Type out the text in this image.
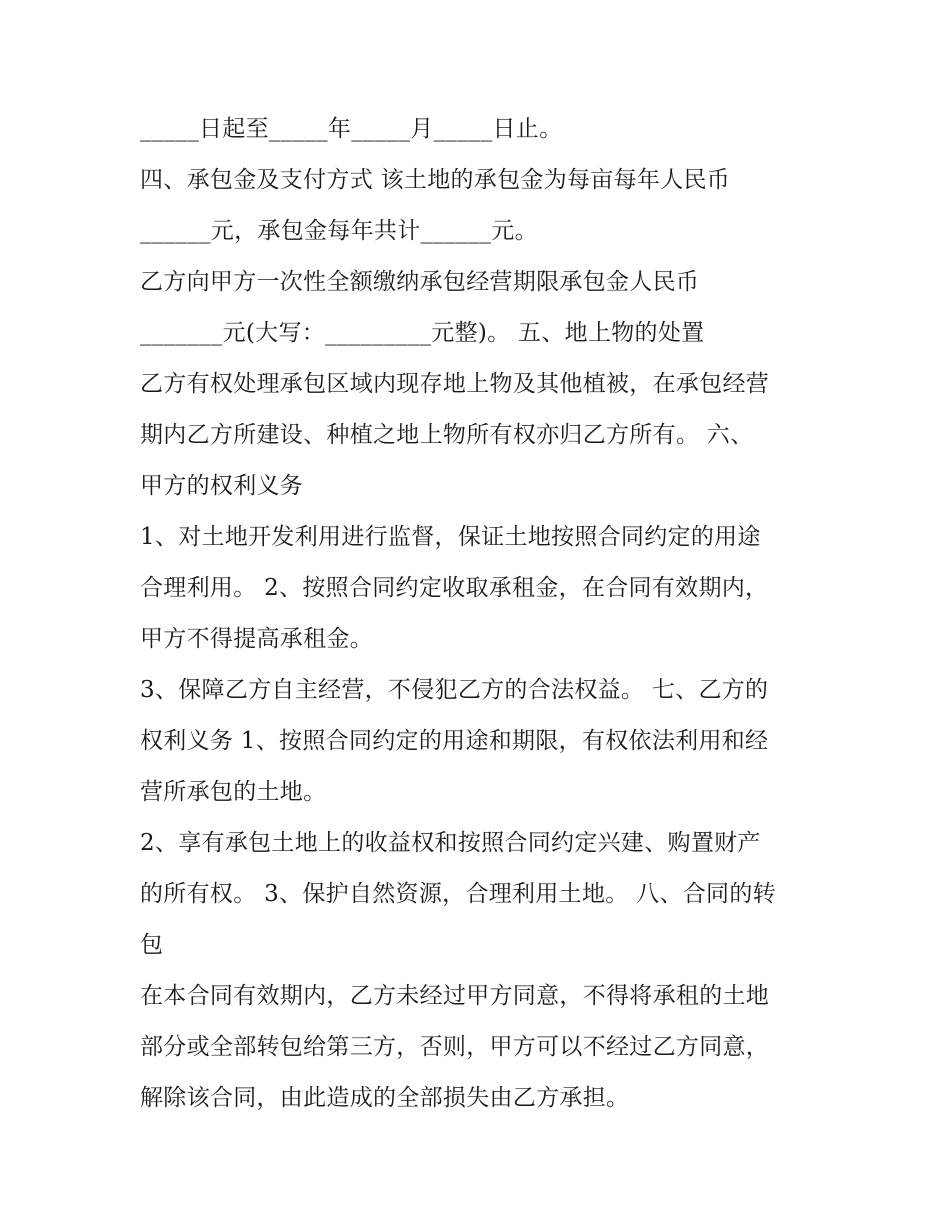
_____日起至_____年_____月_____日止。
四、承包金及支付方式 该土地的承包金为每亩每年人民币
______元，承包金每年共计______元。
乙方向甲方一次性全额缴纳承包经营期限承包金人民币
_______元(大写：_________元整)。 五、地上物的处置
乙方有权处理承包区域内现存地上物及其他植被，在承包经营
期内乙方所建设、种植之地上物所有权亦归乙方所有。 六、
甲方的权利义务
1、对土地开发利用进行监督，保证土地按照合同约定的用途
合理利用。 2、按照合同约定收取承租金，在合同有效期内，
甲方不得提高承租金。
3、保障乙方自主经营，不侵犯乙方的合法权益。 七、乙方的
权利义务 1、按照合同约定的用途和期限，有权依法利用和经
营所承包的土地。
2、享有承包土地上的收益权和按照合同约定兴建、购置财产
的所有权。 3、保护自然资源，合理利用土地。 八、合同的转
包
在本合同有效期内，乙方未经过甲方同意，不得将承租的土地
部分或全部转包给第三方，否则，甲方可以不经过乙方同意，
解除该合同，由此造成的全部损失由乙方承担。
